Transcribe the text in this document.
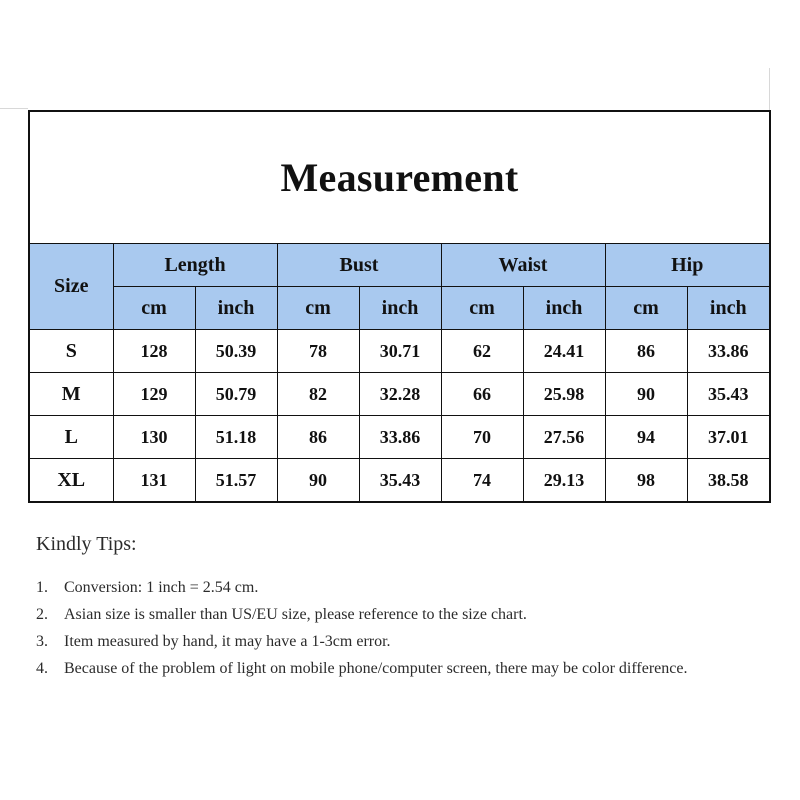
Measurement
Size	Length		Bust		Waist		Hip	
	cm	inch	cm	inch	cm	inch	cm	inch
S	128	50.39	78	30.71	62	24.41	86	33.86
M	129	50.79	82	32.28	66	25.98	90	35.43
L	130	51.18	86	33.86	70	27.56	94	37.01
XL	131	51.57	90	35.43	74	29.13	98	38.58
Kindly Tips:
1.	Conversion: 1 inch = 2.54 cm.
2.	Asian size is smaller than US/EU size, please reference to the size chart.
3.	Item measured by hand, it may have a 1-3cm error.
4.	Because of the problem of light on mobile phone/computer screen, there may be color difference.
